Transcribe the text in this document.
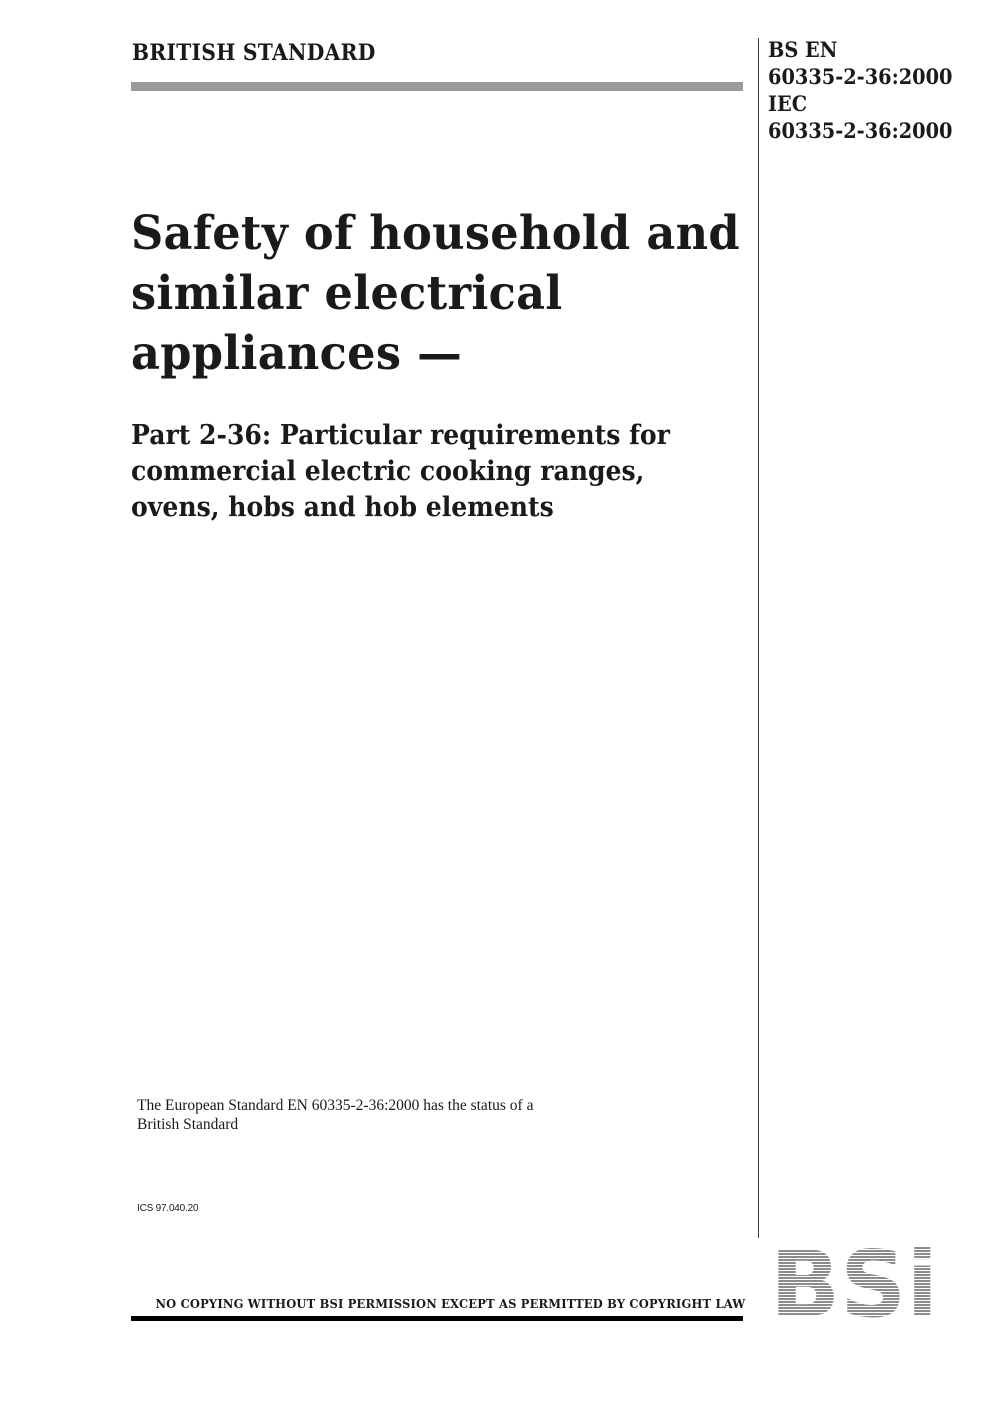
BRITISH STANDARD	BS EN
60335-2-36:2000
IEC
60335-2-36:2000
Safety of household and
similar electrical
appliances —
Part 2-36: Particular requirements for
commercial electric cooking ranges,
ovens, hobs and hob elements
The European Standard EN 60335-2-36:2000 has the status of a
British Standard
ICS 97.040.20
NO COPYING WITHOUT BSI PERMISSION EXCEPT AS PERMITTED BY COPYRIGHT LAW
